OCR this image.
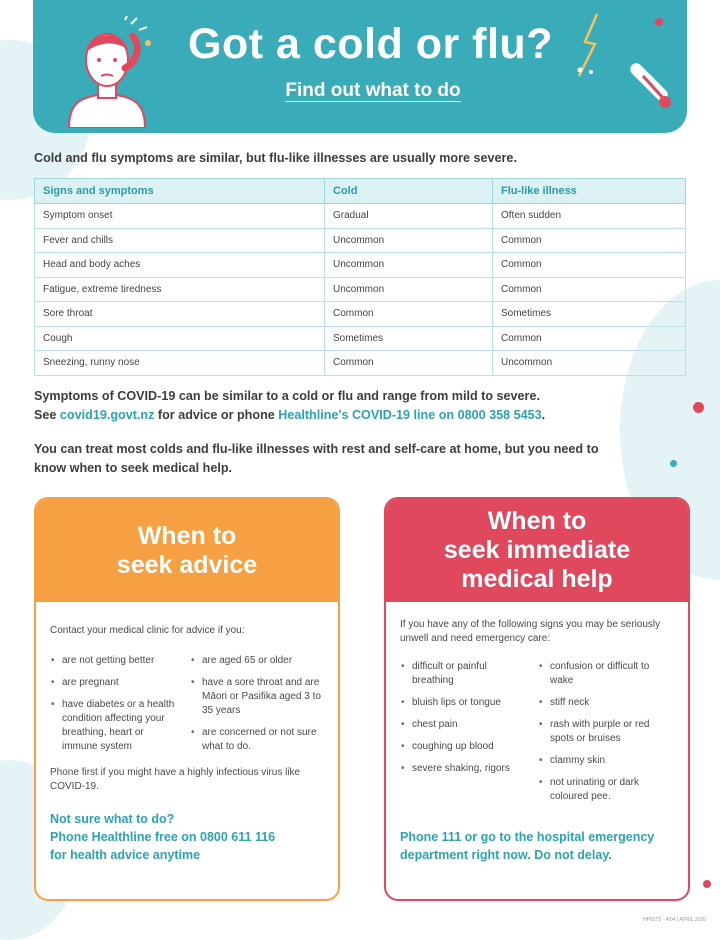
Got a cold or flu?
Find out what to do
Cold and flu symptoms are similar, but flu-like illnesses are usually more severe.
Signs and symptoms	Cold	Flu-like illness
Symptom onset	Gradual	Often sudden
Fever and chills	Uncommon	Common
Head and body aches	Uncommon	Common
Fatigue, extreme tiredness	Uncommon	Common
Sore throat	Common	Sometimes
Cough	Sometimes	Common
Sneezing, runny nose	Common	Uncommon
Symptoms of COVID-19 can be similar to a cold or flu and range from mild to severe.
See covid19.govt.nz for advice or phone Healthline's COVID-19 line on 0800 358 5453.
You can treat most colds and flu-like illnesses with rest and self-care at home, but you need to know when to seek medical help.
When to
seek advice
Contact your medical clinic for advice if you:
• are not getting better
• are pregnant
• have diabetes or a health condition affecting your breathing, heart or immune system
• are aged 65 or older
• have a sore throat and are Māori or Pasifika aged 3 to 35 years
• are concerned or not sure what to do.
Phone first if you might have a highly infectious virus like COVID-19.
Not sure what to do?
Phone Healthline free on 0800 611 116
for health advice anytime
When to
seek immediate
medical help
If you have any of the following signs you may be seriously unwell and need emergency care:
• difficult or painful breathing
• bluish lips or tongue
• chest pain
• coughing up blood
• severe shaking, rigors
• confusion or difficult to wake
• stiff neck
• rash with purple or red spots or bruises
• clammy skin
• not urinating or dark coloured pee.
Phone 111 or go to the hospital emergency department right now. Do not delay.
HP8172 · 4/04 | APRIL 2020
